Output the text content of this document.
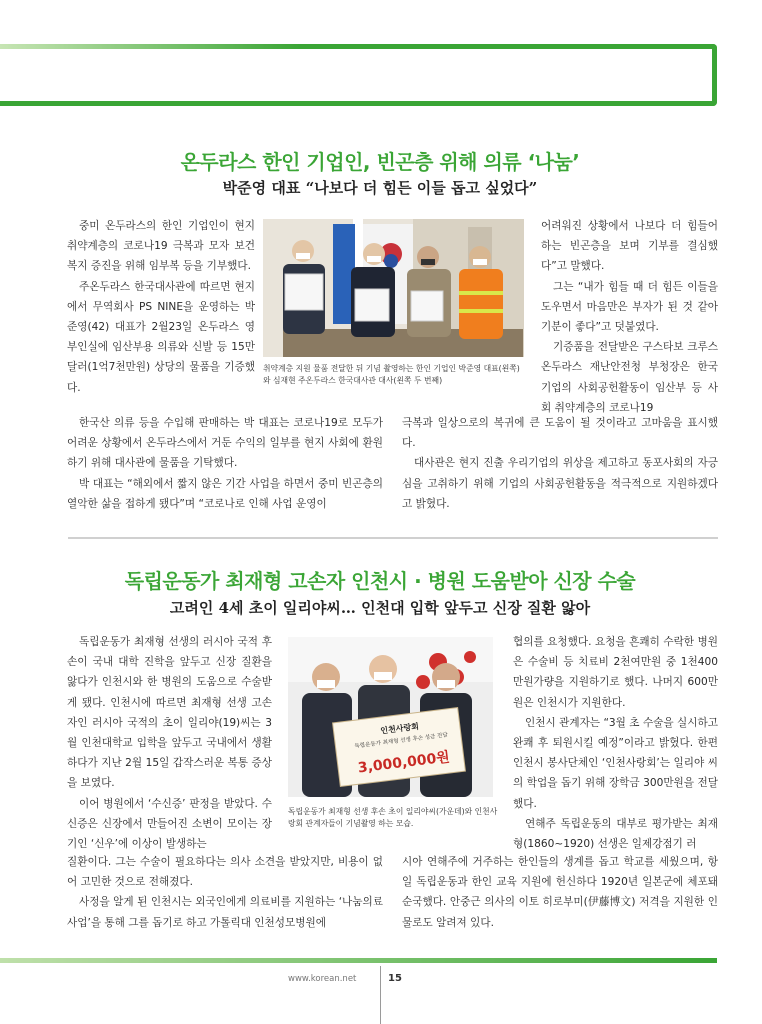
온두라스 한인 기업인, 빈곤층 위해 의류 ‘나눔’
박준영 대표 “나보다 더 힘든 이들 돕고 싶었다”

중미 온두라스의 한인 기업인이 현지 취약계층의 코로나19 극복과 모자 보건 복지 증진을 위해 임부복 등을 기부했다.

주온두라스 한국대사관에 따르면 현지에서 무역회사 PS NINE을 운영하는 박준영(42) 대표가 2월23일 온두라스 영부인실에 임산부용 의류와 신발 등 15만달러(1억7천만원) 상당의 물품을 기증했다.

취약계층 지원 물품 전달한 뒤 기념 촬영하는 한인 기업인 박준영 대표(왼쪽)와 심재현 주온두라스 한국대사관 대사(왼쪽 두 번째)

어려워진 상황에서 나보다 더 힘들어하는 빈곤층을 보며 기부를 결심했다”고 말했다.

그는 “내가 힘들 때 더 힘든 이들을 도우면서 마음만은 부자가 된 것 같아 기분이 좋다”고 덧붙였다.

기증품을 전달받은 구스타보 크루스 온두라스 재난안전청 부청장은 한국 기업의 사회공헌활동이 임산부 등 사회 취약계층의 코로나19

한국산 의류 등을 수입해 판매하는 박 대표는 코로나19로 모두가 어려운 상황에서 온두라스에서 거둔 수익의 일부를 현지 사회에 환원하기 위해 대사관에 물품을 기탁했다.

박 대표는 “해외에서 짧지 않은 기간 사업을 하면서 중미 빈곤층의 열악한 삶을 접하게 됐다”며 “코로나로 인해 사업 운영이

극복과 일상으로의 복귀에 큰 도움이 될 것이라고 고마움을 표시했다.

대사관은 현지 진출 우리기업의 위상을 제고하고 동포사회의 자긍심을 고취하기 위해 기업의 사회공헌활동을 적극적으로 지원하겠다고 밝혔다.

독립운동가 최재형 고손자 인천시 · 병원 도움받아 신장 수술
고려인 4세 초이 일리야씨… 인천대 입학 앞두고 신장 질환 앓아

독립운동가 최재형 선생의 러시아 국적 후손이 국내 대학 진학을 앞두고 신장 질환을 앓다가 인천시와 한 병원의 도움으로 수술받게 됐다. 인천시에 따르면 최재형 선생 고손자인 러시아 국적의 초이 일리야(19)씨는 3월 인천대학교 입학을 앞두고 국내에서 생활하다가 지난 2월 15일 갑작스러운 복통 증상을 보였다.

이어 병원에서 ‘수신증’ 판정을 받았다. 수신증은 신장에서 만들어진 소변이 모이는 장기인 ‘신우’에 이상이 발생하는

인천사랑회
독립운동가 최재형 선생 후손 성금 전달
3,000,000원

독립운동가 최재형 선생 후손 초이 일리야씨(가운데)와 인천사랑회 관계자들이 기념촬영 하는 모습.

협의를 요청했다. 요청을 흔쾌히 수락한 병원은 수술비 등 치료비 2천여만원 중 1천400만원가량을 지원하기로 했다. 나머지 600만원은 인천시가 지원한다.

인천시 관계자는 “3월 초 수술을 실시하고 완쾌 후 퇴원시킬 예정”이라고 밝혔다. 한편 인천시 봉사단체인 ‘인천사랑회’는 일리야 씨의 학업을 돕기 위해 장학금 300만원을 전달했다.

연해주 독립운동의 대부로 평가받는 최재형(1860~1920) 선생은 일제강점기 러

질환이다. 그는 수술이 필요하다는 의사 소견을 받았지만, 비용이 없어 고민한 것으로 전해졌다.

사정을 알게 된 인천시는 외국인에게 의료비를 지원하는 ‘나눔의료사업’을 통해 그를 돕기로 하고 가톨릭대 인천성모병원에

시아 연해주에 거주하는 한인들의 생계를 돕고 학교를 세웠으며, 항일 독립운동과 한인 교육 지원에 헌신하다 1920년 일본군에 체포돼 순국했다. 안중근 의사의 이토 히로부미(伊藤博文) 저격을 지원한 인물로도 알려져 있다.

www.korean.net	15
